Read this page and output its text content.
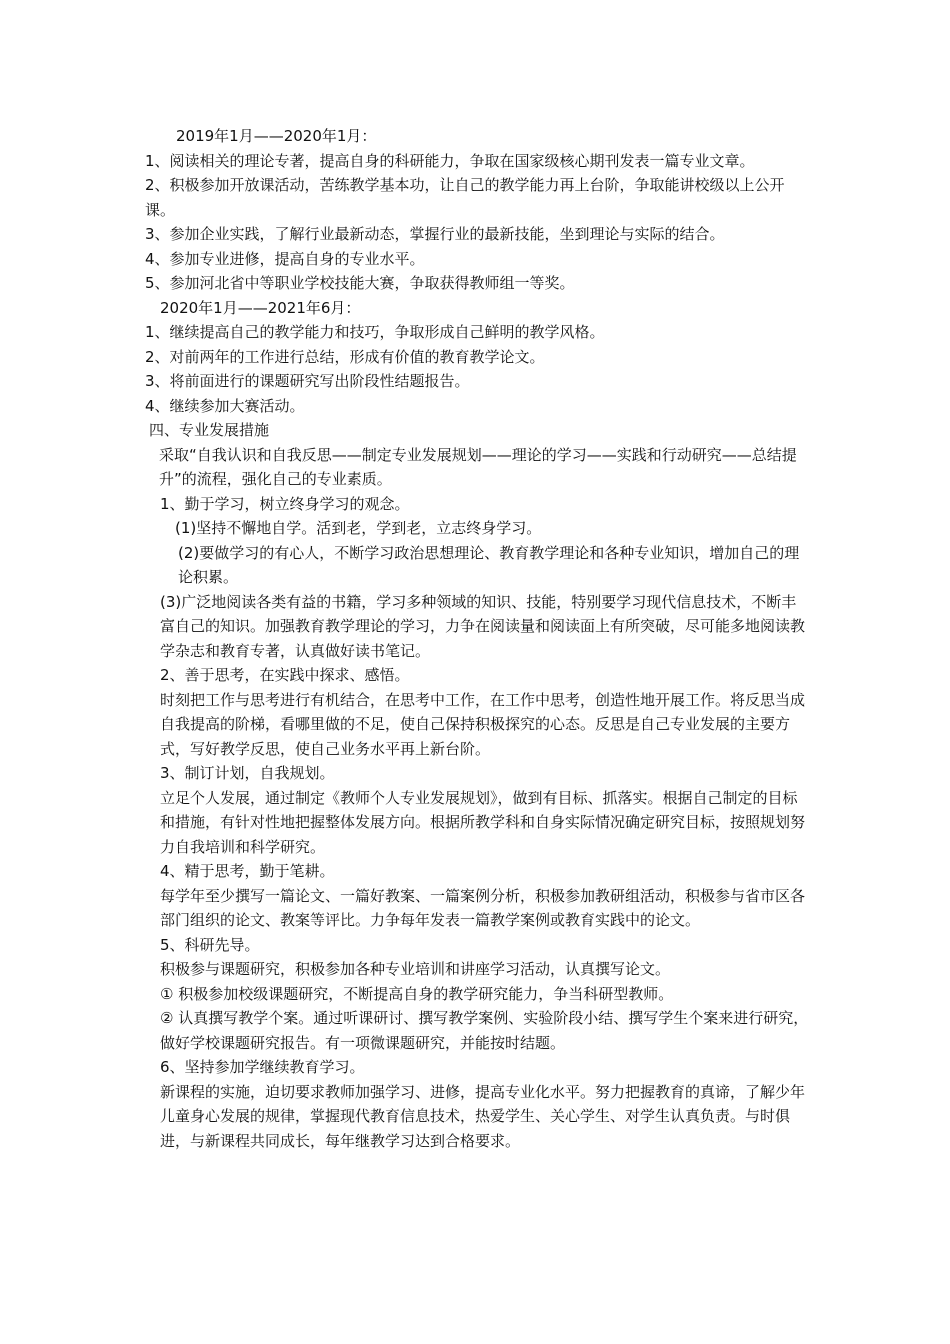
2019年1月——2020年1月：

1、阅读相关的理论专著，提高自身的科研能力，争取在国家级核心期刊发表一篇专业文章。

2、积极参加开放课活动，苦练教学基本功，让自己的教学能力再上台阶，争取能讲校级以上公开课。

3、参加企业实践，了解行业最新动态，掌握行业的最新技能，坐到理论与实际的结合。

4、参加专业进修，提高自身的专业水平。

5、参加河北省中等职业学校技能大赛，争取获得教师组一等奖。

2020年1月——2021年6月：

1、继续提高自己的教学能力和技巧，争取形成自己鲜明的教学风格。

2、对前两年的工作进行总结，形成有价值的教育教学论文。

3、将前面进行的课题研究写出阶段性结题报告。

4、继续参加大赛活动。

四、专业发展措施

采取“自我认识和自我反思——制定专业发展规划——理论的学习——实践和行动研究——总结提升”的流程，强化自己的专业素质。

1、勤于学习，树立终身学习的观念。

(1)坚持不懈地自学。活到老，学到老，立志终身学习。

(2)要做学习的有心人，不断学习政治思想理论、教育教学理论和各种专业知识，增加自己的理论积累。

(3)广泛地阅读各类有益的书籍，学习多种领域的知识、技能，特别要学习现代信息技术，不断丰富自己的知识。加强教育教学理论的学习，力争在阅读量和阅读面上有所突破，尽可能多地阅读教学杂志和教育专著，认真做好读书笔记。

2、善于思考，在实践中探求、感悟。

时刻把工作与思考进行有机结合，在思考中工作，在工作中思考，创造性地开展工作。将反思当成自我提高的阶梯，看哪里做的不足，使自己保持积极探究的心态。反思是自己专业发展的主要方式，写好教学反思，使自己业务水平再上新台阶。

3、制订计划，自我规划。

立足个人发展，通过制定《教师个人专业发展规划》，做到有目标、抓落实。根据自己制定的目标和措施，有针对性地把握整体发展方向。根据所教学科和自身实际情况确定研究目标，按照规划努力自我培训和科学研究。

4、精于思考，勤于笔耕。

每学年至少撰写一篇论文、一篇好教案、一篇案例分析，积极参加教研组活动，积极参与省市区各部门组织的论文、教案等评比。力争每年发表一篇教学案例或教育实践中的论文。

5、科研先导。

积极参与课题研究，积极参加各种专业培训和讲座学习活动，认真撰写论文。

① 积极参加校级课题研究，不断提高自身的教学研究能力，争当科研型教师。

② 认真撰写教学个案。通过听课研讨、撰写教学案例、实验阶段小结、撰写学生个案来进行研究，做好学校课题研究报告。有一项微课题研究，并能按时结题。

6、坚持参加学继续教育学习。

新课程的实施，迫切要求教师加强学习、进修，提高专业化水平。努力把握教育的真谛，了解少年儿童身心发展的规律，掌握现代教育信息技术，热爱学生、关心学生、对学生认真负责。与时俱进，与新课程共同成长，每年继教学习达到合格要求。
